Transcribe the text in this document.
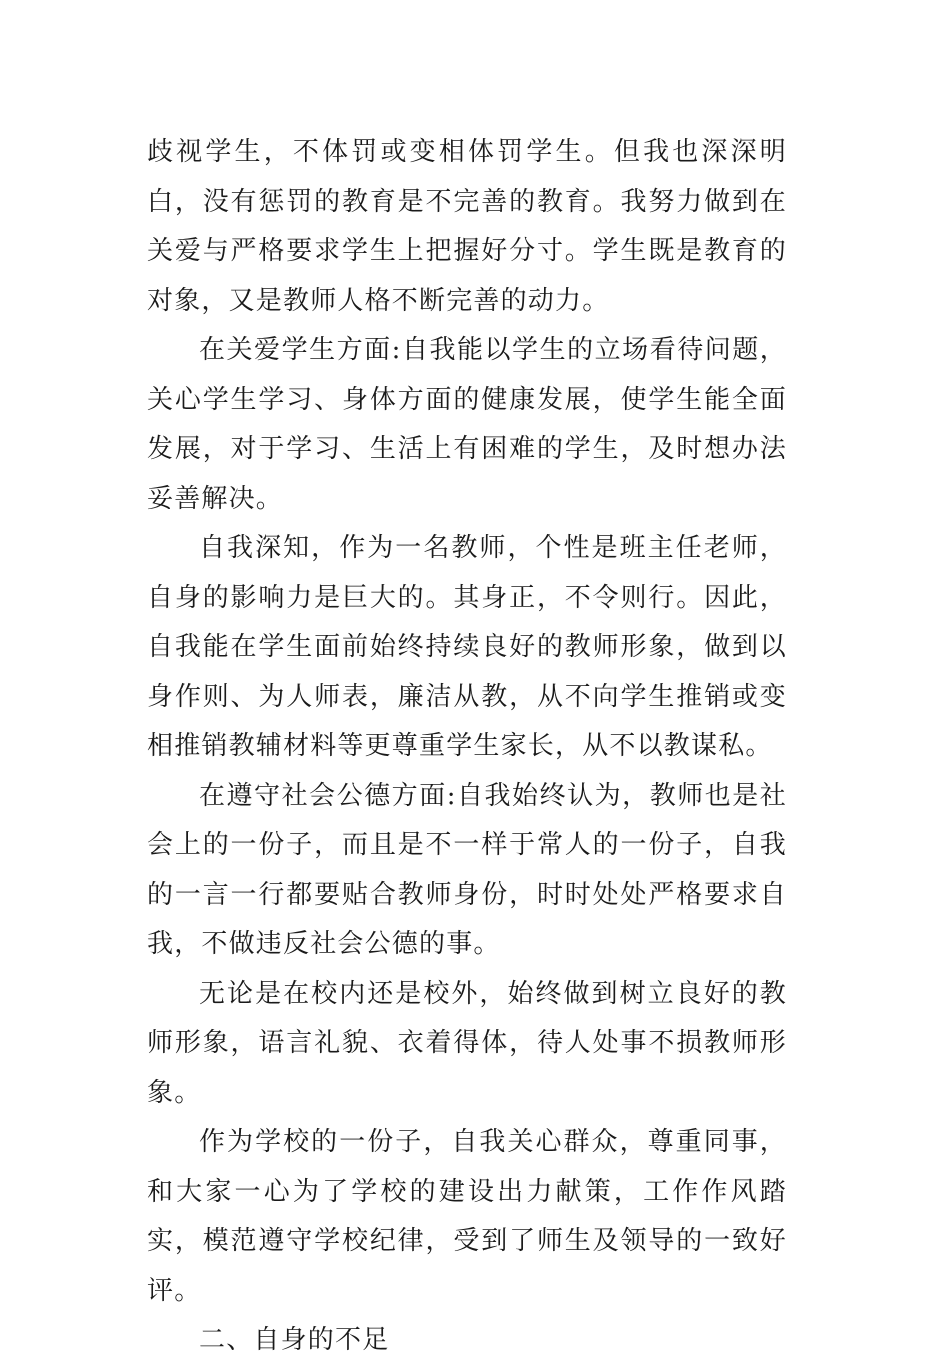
歧视学生，不体罚或变相体罚学生。但我也深深明白，没有惩罚的教育是不完善的教育。我努力做到在关爱与严格要求学生上把握好分寸。学生既是教育的对象，又是教师人格不断完善的动力。

在关爱学生方面:自我能以学生的立场看待问题，关心学生学习、身体方面的健康发展，使学生能全面发展，对于学习、生活上有困难的学生，及时想办法妥善解决。

自我深知，作为一名教师，个性是班主任老师，自身的影响力是巨大的。其身正，不令则行。因此，自我能在学生面前始终持续良好的教师形象，做到以身作则、为人师表，廉洁从教，从不向学生推销或变相推销教辅材料等更尊重学生家长，从不以教谋私。

在遵守社会公德方面:自我始终认为，教师也是社会上的一份子，而且是不一样于常人的一份子，自我的一言一行都要贴合教师身份，时时处处严格要求自我，不做违反社会公德的事。

无论是在校内还是校外，始终做到树立良好的教师形象，语言礼貌、衣着得体，待人处事不损教师形象。

作为学校的一份子，自我关心群众，尊重同事，和大家一心为了学校的建设出力献策，工作作风踏实，模范遵守学校纪律，受到了师生及领导的一致好评。

二、自身的不足
